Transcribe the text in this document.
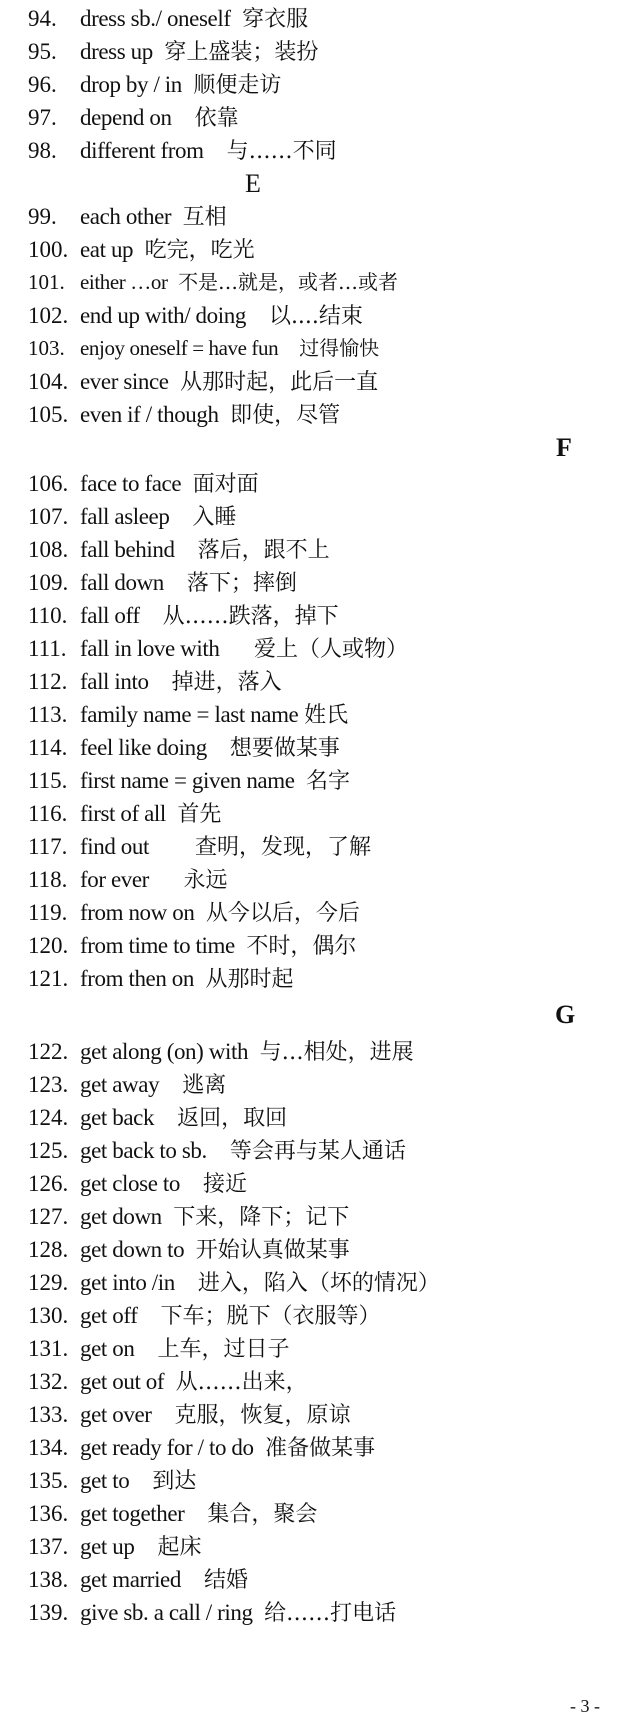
94. dress sb./ oneself 穿衣服
95. dress up 穿上盛装；装扮
96. drop by / in 顺便走访
97. depend on 依靠
98. different from 与……不同
E
99. each other 互相
100. eat up 吃完，吃光
101. either …or 不是…就是，或者…或者
102. end up with/ doing 以....结束
103. enjoy oneself = have fun 过得愉快
104. ever since 从那时起，此后一直
105. even if / though 即使，尽管
F
106. face to face 面对面
107. fall asleep 入睡
108. fall behind 落后，跟不上
109. fall down 落下；摔倒
110. fall off 从……跌落，掉下
111. fall in love with 爱上（人或物）
112. fall into 掉进，落入
113. family name = last name 姓氏
114. feel like doing 想要做某事
115. first name = given name 名字
116. first of all 首先
117. find out 查明，发现，了解
118. for ever 永远
119. from now on 从今以后，今后
120. from time to time 不时，偶尔
121. from then on 从那时起
G
122. get along (on) with 与…相处，进展
123. get away 逃离
124. get back 返回，取回
125. get back to sb. 等会再与某人通话
126. get close to 接近
127. get down 下来，降下；记下
128. get down to 开始认真做某事
129. get into /in 进入，陷入（坏的情况）
130. get off 下车；脱下（衣服等）
131. get on 上车，过日子
132. get out of 从……出来，
133. get over 克服，恢复，原谅
134. get ready for / to do 准备做某事
135. get to 到达
136. get together 集合，聚会
137. get up 起床
138. get married 结婚
139. give sb. a call / ring 给……打电话
- 3 -
